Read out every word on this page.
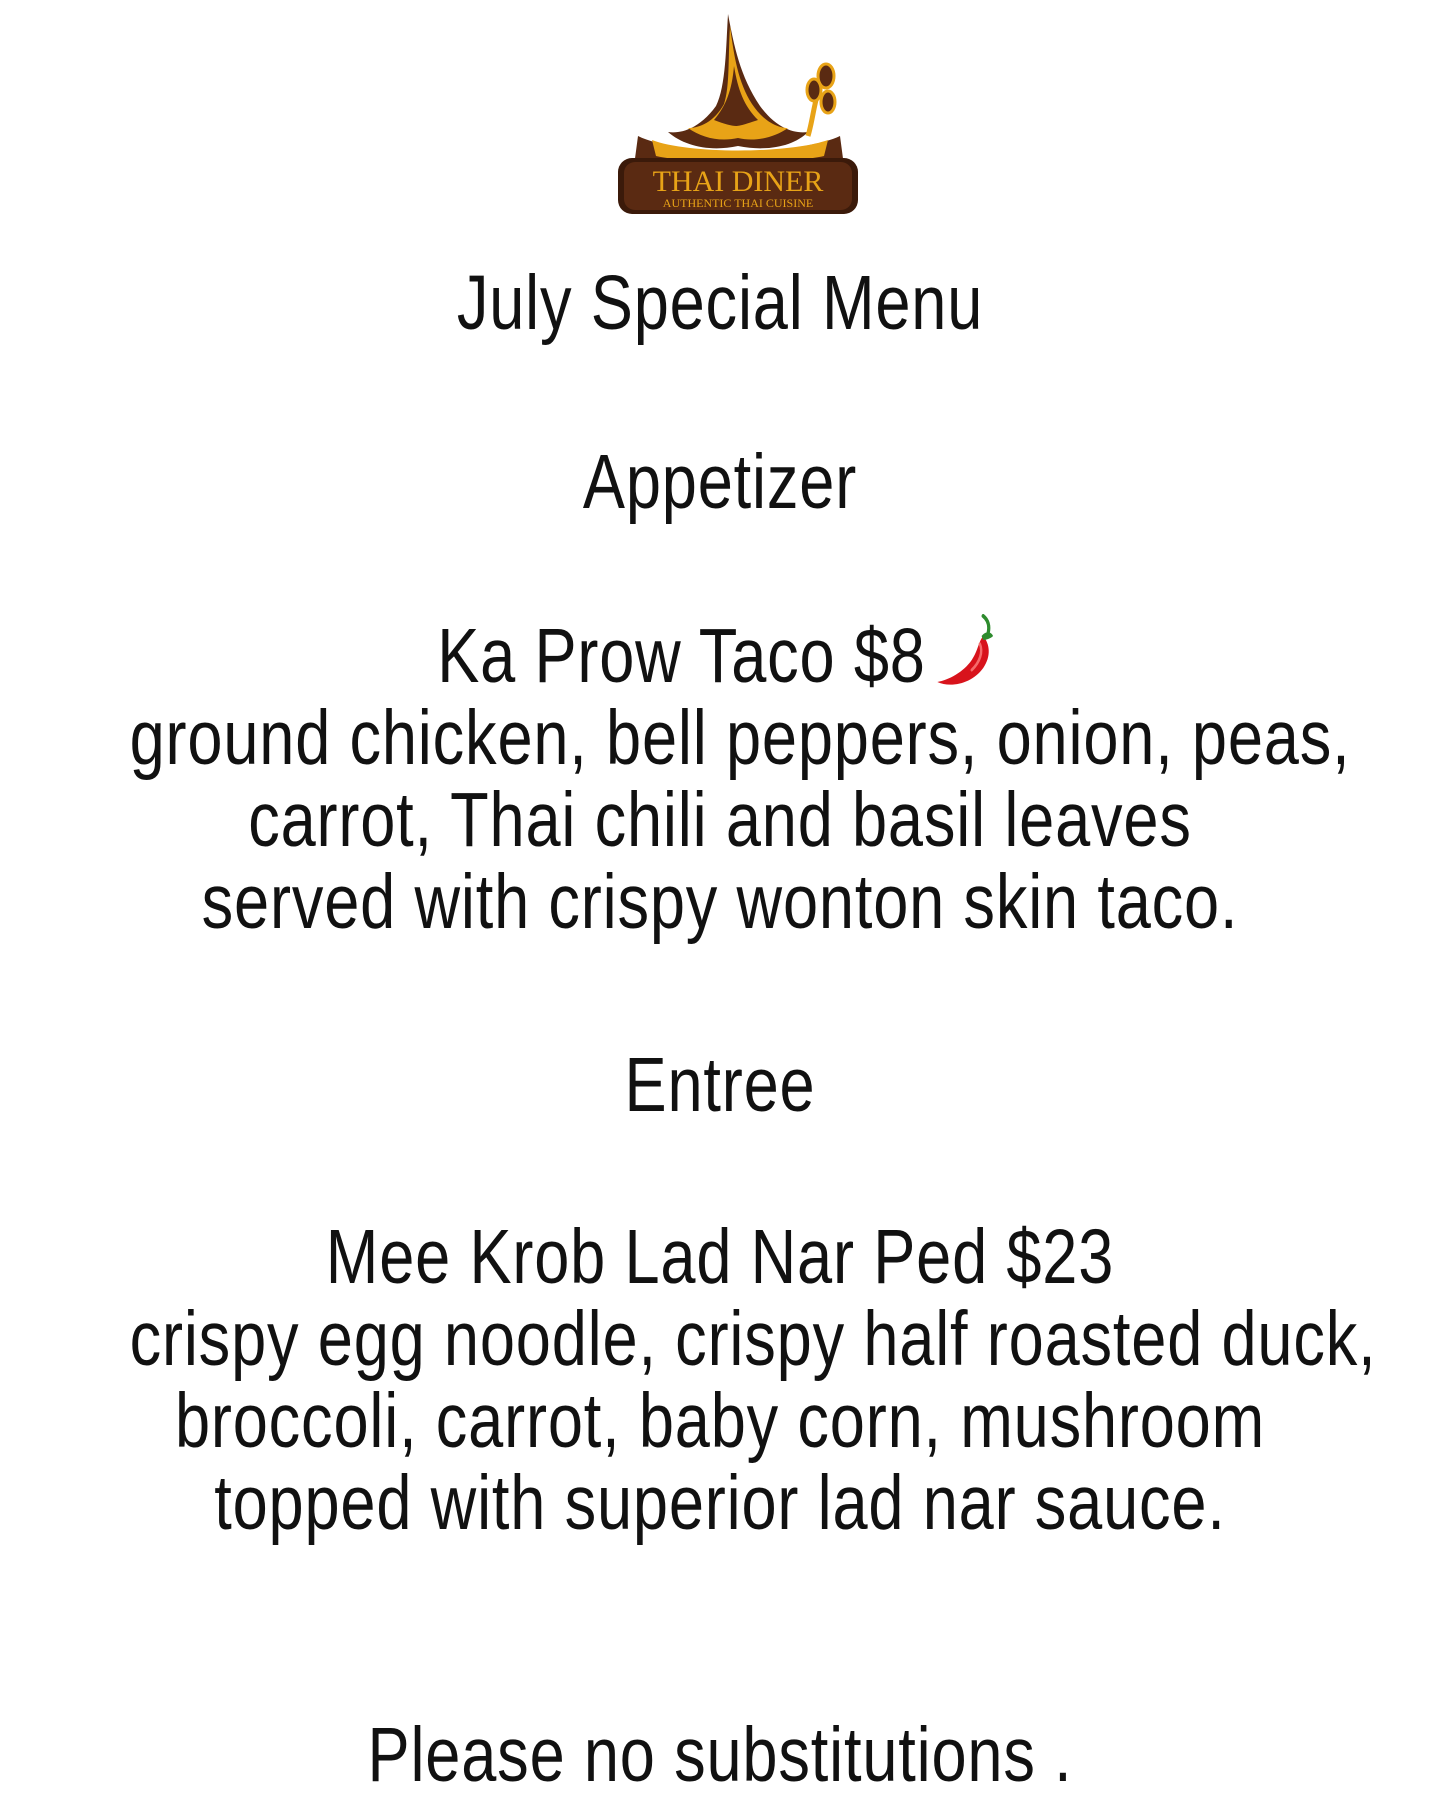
THAI DINER
AUTHENTIC THAI CUISINE
July Special Menu
Appetizer
Ka Prow Taco $8
ground chicken, bell peppers, onion, peas,
carrot, Thai chili and basil leaves
served with crispy wonton skin taco.
Entree
Mee Krob Lad Nar Ped $23
crispy egg noodle, crispy half roasted duck,
broccoli, carrot, baby corn, mushroom
topped with superior lad nar sauce.
Please no substitutions .
